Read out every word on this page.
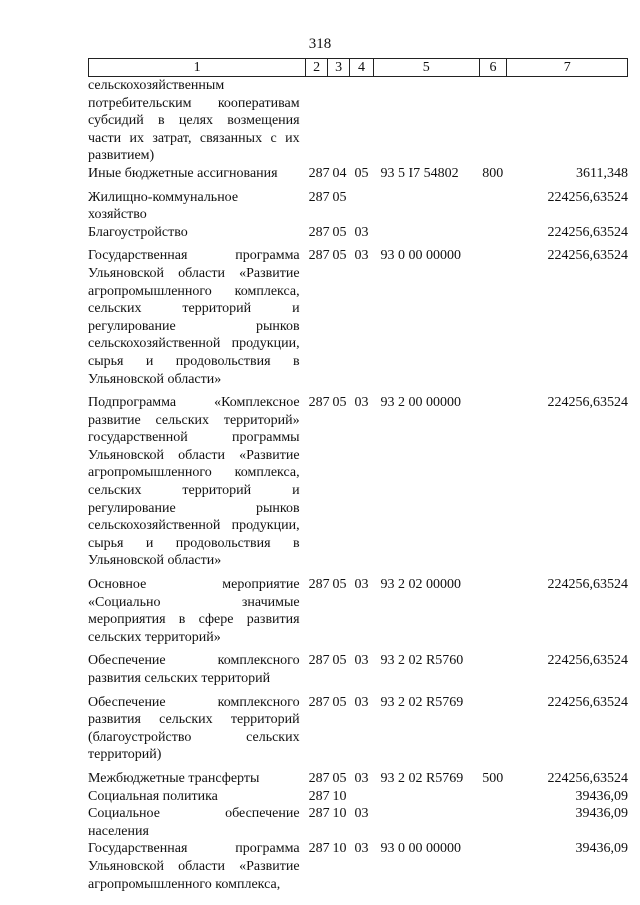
318
1	2	3	4	5	6	7
сельскохозяйственным потребительским кооперативам субсидий в целях возмещения части их затрат, связанных с их развитием)
Иные бюджетные ассигнования	287 04 05 93 5 I7 54802	800	3611,348
Жилищно-коммунальное хозяйство
287 05	224256,63524
Благоустройство	287 05 03	224256,63524
Государственная программа Ульяновской области «Развитие агропромышленного комплекса, сельских территорий и регулирование рынков сельскохозяйственной продукции, сырья и продовольствия в Ульяновской области»
287 05 03 93 0 00 00000	224256,63524
Подпрограмма «Комплексное развитие сельских территорий» государственной программы Ульяновской области «Развитие агропромышленного комплекса, сельских территорий и регулирование рынков сельскохозяйственной продукции, сырья и продовольствия в Ульяновской области»
287 05 03 93 2 00 00000	224256,63524
Основное мероприятие «Социально значимые мероприятия в сфере развития сельских территорий»
287 05 03 93 2 02 00000	224256,63524
Обеспечение комплексного развития сельских территорий
287 05 03 93 2 02 R5760	224256,63524
Обеспечение комплексного развития сельских территорий (благоустройство сельских территорий)
287 05 03 93 2 02 R5769	224256,63524
Межбюджетные трансферты	287 05 03 93 2 02 R5769	500	224256,63524
Социальная политика	287 10	39436,09
Социальное обеспечение населения
287 10 03	39436,09
Государственная программа Ульяновской области «Развитие агропромышленного комплекса,
287 10 03 93 0 00 00000	39436,09
